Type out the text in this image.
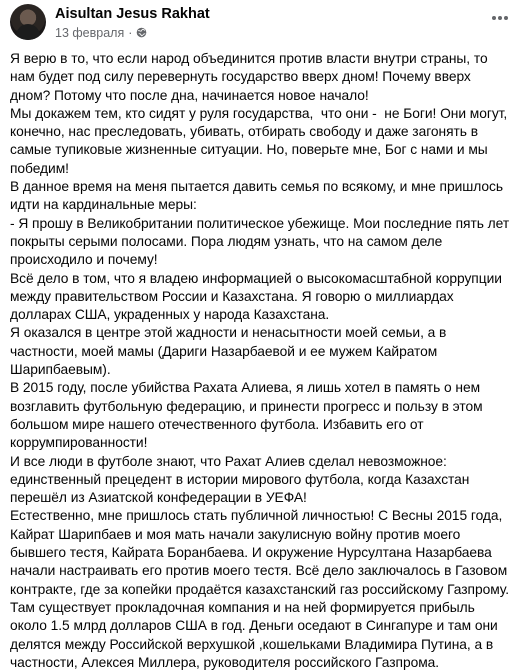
Aisultan Jesus Rakhat
13 февраля ·

Я верю в то, что если народ объединится против власти внутри страны, то нам будет под силу перевернуть государство вверх дном! Почему вверх дном? Потому что после дна, начинается новое начало!

Мы докажем тем, кто сидят у руля государства,  что они -  не Боги! Они могут, конечно, нас преследовать, убивать, отбирать свободу и даже загонять в самые тупиковые жизненные ситуации. Но, поверьте мне, Бог с нами и мы победим!

В данное время на меня пытается давить семья по всякому, и мне пришлось идти на кардинальные меры:

- Я прошу в Великобритании политическое убежище. Мои последние пять лет покрыты серыми полосами. Пора людям узнать, что на самом деле происходило и почему!

Всё дело в том, что я владею информацией о высокомасштабной коррупции между правительством России и Казахстана. Я говорю о миллиардах долларах США, украденных у народа Казахстана.

Я оказался в центре этой жадности и ненасытности моей семьи, а в частности, моей мамы (Дариги Назарбаевой и ее мужем Кайратом Шарипбаевым).

В 2015 году, после убийства Рахата Алиева, я лишь хотел в память о нем возглавить футбольную федерацию, и принести прогресс и пользу в этом большом мире нашего отечественного футбола. Избавить его от коррумпированности!

И все люди в футболе знают, что Рахат Алиев сделал невозможное: единственный прецедент в истории мирового футбола, когда Казахстан перешёл из Азиатской конфедерации в УЕФА!

Естественно, мне пришлось стать публичной личностью! С Весны 2015 года, Кайрат Шарипбаев и моя мать начали закулисную войну против моего бывшего тестя, Кайрата Боранбаева. И окружение Нурсултана Назарбаева начали настраивать его против моего тестя. Всё дело заключалось в Газовом контракте, где за копейки продаётся казахстанский газ российскому Газпрому. Там существует прокладочная компания и на ней формируется прибыль около 1.5 млрд долларов США в год. Деньги оседают в Сингапуре и там они делятся между Российской верхушкой ,кошельками Владимира Путина, а в частности, Алексея Миллера, руководителя российского Газпрома.
